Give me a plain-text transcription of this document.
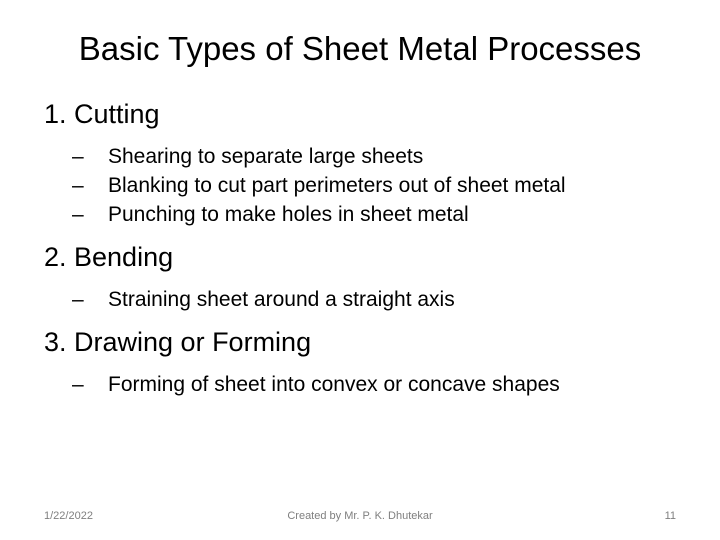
Basic Types of Sheet Metal Processes
1. Cutting
–	Shearing to separate large sheets
–	Blanking to cut part perimeters out of sheet metal
–	Punching to make holes in sheet metal
2. Bending
–	Straining sheet around a straight axis
3. Drawing or Forming
–	Forming of sheet into convex or concave shapes
Created by Mr. P. K. Dhutekar
1/22/2022	11
